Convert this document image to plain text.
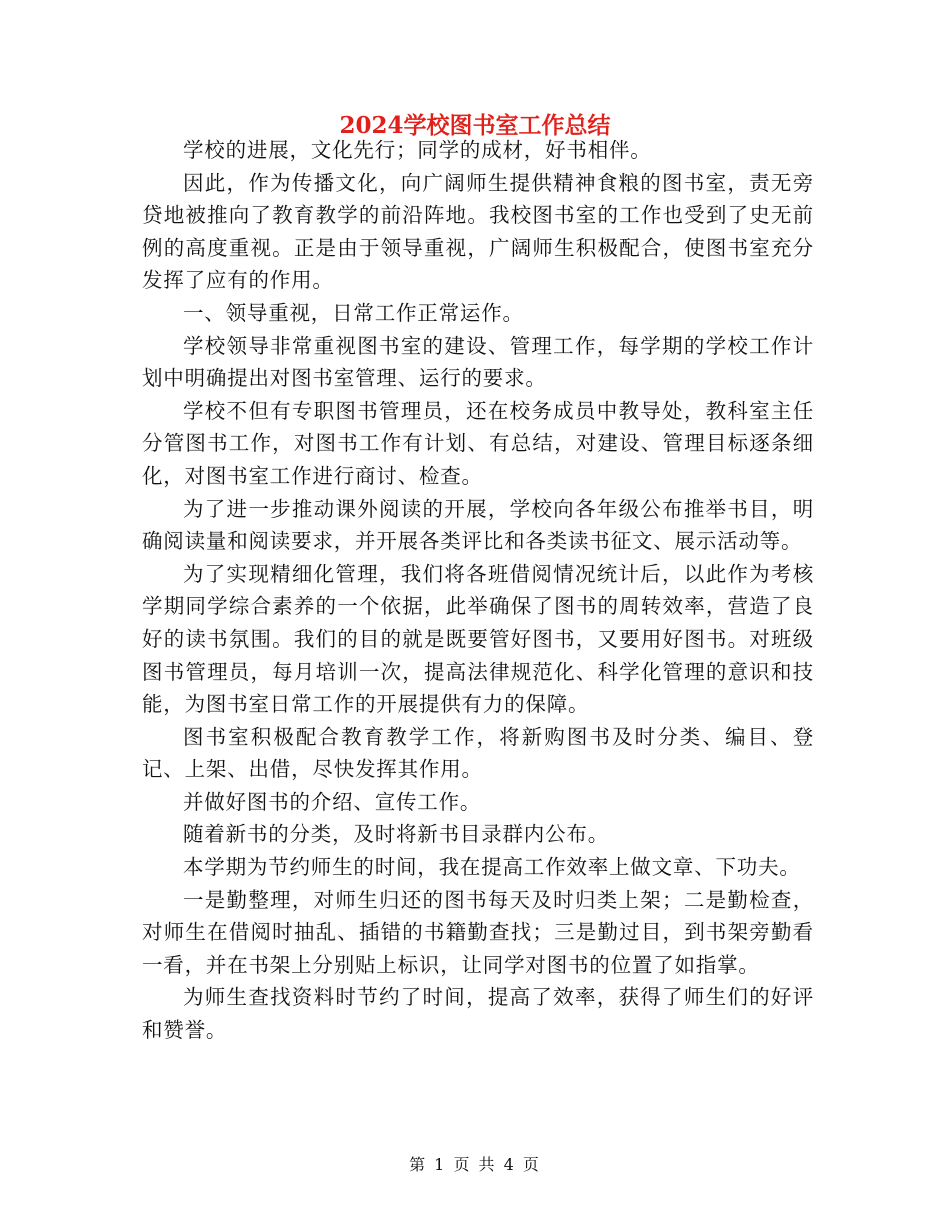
2024学校图书室工作总结

学校的进展，文化先行；同学的成材，好书相伴。

因此，作为传播文化，向广阔师生提供精神食粮的图书室，责无旁贷地被推向了教育教学的前沿阵地。我校图书室的工作也受到了史无前例的高度重视。正是由于领导重视，广阔师生积极配合，使图书室充分发挥了应有的作用。

一、领导重视，日常工作正常运作。

学校领导非常重视图书室的建设、管理工作，每学期的学校工作计划中明确提出对图书室管理、运行的要求。

学校不但有专职图书管理员，还在校务成员中教导处，教科室主任分管图书工作，对图书工作有计划、有总结，对建设、管理目标逐条细化，对图书室工作进行商讨、检查。

为了进一步推动课外阅读的开展，学校向各年级公布推举书目，明确阅读量和阅读要求，并开展各类评比和各类读书征文、展示活动等。

为了实现精细化管理，我们将各班借阅情况统计后，以此作为考核学期同学综合素养的一个依据，此举确保了图书的周转效率，营造了良好的读书氛围。我们的目的就是既要管好图书，又要用好图书。对班级图书管理员，每月培训一次，提高法律规范化、科学化管理的意识和技能，为图书室日常工作的开展提供有力的保障。

图书室积极配合教育教学工作，将新购图书及时分类、编目、登记、上架、出借，尽快发挥其作用。

并做好图书的介绍、宣传工作。

随着新书的分类，及时将新书目录群内公布。

本学期为节约师生的时间，我在提高工作效率上做文章、下功夫。

一是勤整理，对师生归还的图书每天及时归类上架；二是勤检查，对师生在借阅时抽乱、插错的书籍勤查找；三是勤过目，到书架旁勤看一看，并在书架上分别贴上标识，让同学对图书的位置了如指掌。

为师生查找资料时节约了时间，提高了效率，获得了师生们的好评和赞誉。

第 1 页 共 4 页
